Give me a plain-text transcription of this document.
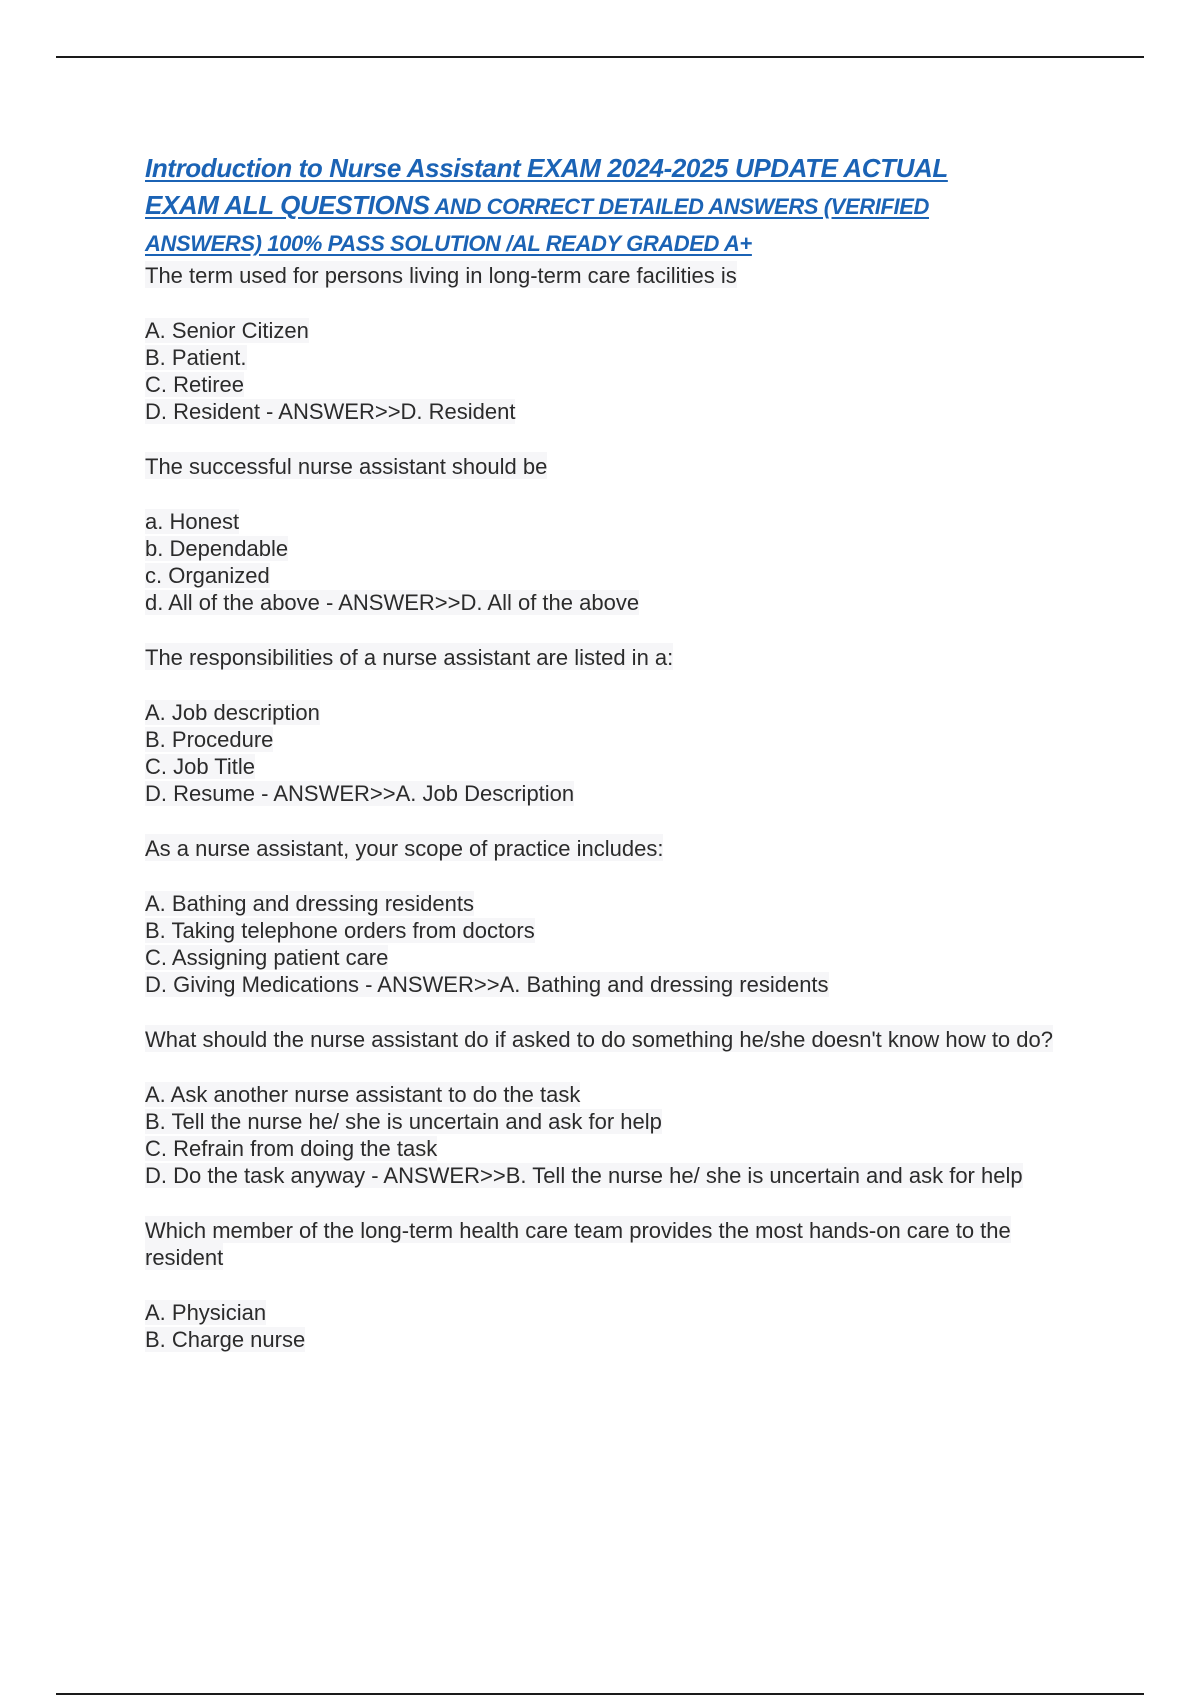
Introduction to Nurse Assistant EXAM 2024-2025 UPDATE ACTUAL
EXAM ALL QUESTIONS AND CORRECT DETAILED ANSWERS (VERIFIED
ANSWERS) 100% PASS SOLUTION /AL READY GRADED A+

The term used for persons living in long-term care facilities is

A. Senior Citizen
B. Patient.
C. Retiree
D. Resident - ANSWER>>D. Resident

The successful nurse assistant should be

a. Honest
b. Dependable
c. Organized
d. All of the above - ANSWER>>D. All of the above

The responsibilities of a nurse assistant are listed in a:

A. Job description
B. Procedure
C. Job Title
D. Resume - ANSWER>>A. Job Description

As a nurse assistant, your scope of practice includes:

A. Bathing and dressing residents
B. Taking telephone orders from doctors
C. Assigning patient care
D. Giving Medications - ANSWER>>A. Bathing and dressing residents

What should the nurse assistant do if asked to do something he/she doesn't know how to do?

A. Ask another nurse assistant to do the task
B. Tell the nurse he/ she is uncertain and ask for help
C. Refrain from doing the task
D. Do the task anyway - ANSWER>>B. Tell the nurse he/ she is uncertain and ask for help

Which member of the long-term health care team provides the most hands-on care to the resident

A. Physician
B. Charge nurse
